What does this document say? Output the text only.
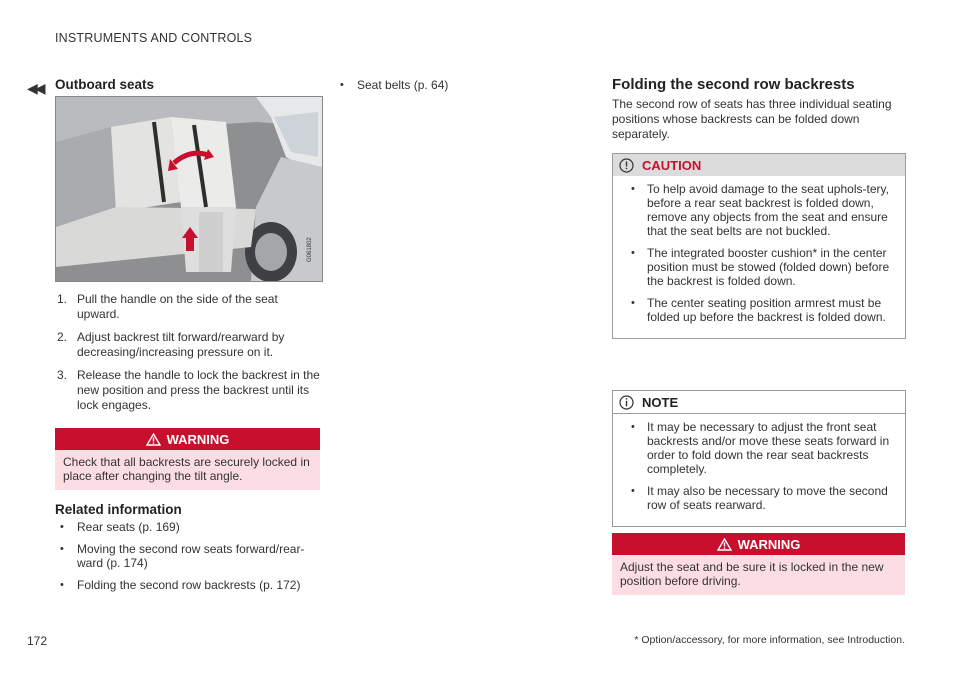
INSTRUMENTS AND CONTROLS
◀◀ Outboard seats
G061802
1. Pull the handle on the side of the seat upward.
2. Adjust backrest tilt forward/rearward by decreasing/increasing pressure on it.
3. Release the handle to lock the backrest in the new position and press the backrest until its lock engages.
WARNING
Check that all backrests are securely locked in place after changing the tilt angle.
Related information
• Rear seats (p. 169)
• Moving the second row seats forward/rear-ward (p. 174)
• Folding the second row backrests (p. 172)
• Seat belts (p. 64)	Folding the second row backrests
The second row of seats has three individual seating positions whose backrests can be folded down separately.
CAUTION
• To help avoid damage to the seat uphols-tery, before a rear seat backrest is folded down, remove any objects from the seat and ensure that the seat belts are not buckled.
• The integrated booster cushion* in the center position must be stowed (folded down) before the backrest is folded down.
• The center seating position armrest must be folded up before the backrest is folded down.
NOTE
• It may be necessary to adjust the front seat backrests and/or move these seats forward in order to fold down the rear seat backrests completely.
• It may also be necessary to move the second row of seats rearward.
WARNING
Adjust the seat and be sure it is locked in the new position before driving.
172	* Option/accessory, for more information, see Introduction.
